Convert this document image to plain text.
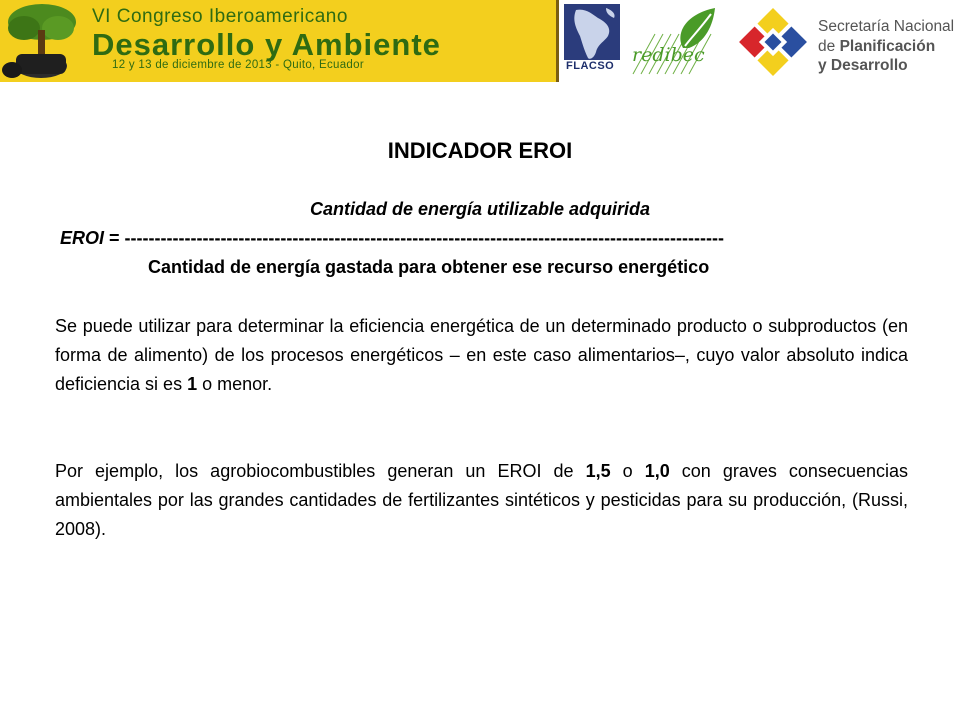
VI Congreso Iberoamericano
Desarrollo y Ambiente
12 y 13 de diciembre de 2013 - Quito, Ecuador	FLACSO redibec
Secretaría Nacional
de Planificación
y Desarrollo
INDICADOR EROI
Cantidad de energía utilizable adquirida
EROI = ----------------------------------------------------------------------------------------------------
Cantidad de energía gastada para obtener ese recurso energético
Se puede utilizar para determinar la eficiencia energética de un determinado producto o subproductos (en forma de alimento) de los procesos energéticos – en este caso alimentarios–, cuyo valor absoluto indica deficiencia si es 1 o menor.
Por ejemplo, los agrobiocombustibles generan un EROI de 1,5 o 1,0 con graves consecuencias ambientales por las grandes cantidades de fertilizantes sintéticos y pesticidas para su producción, (Russi, 2008).
